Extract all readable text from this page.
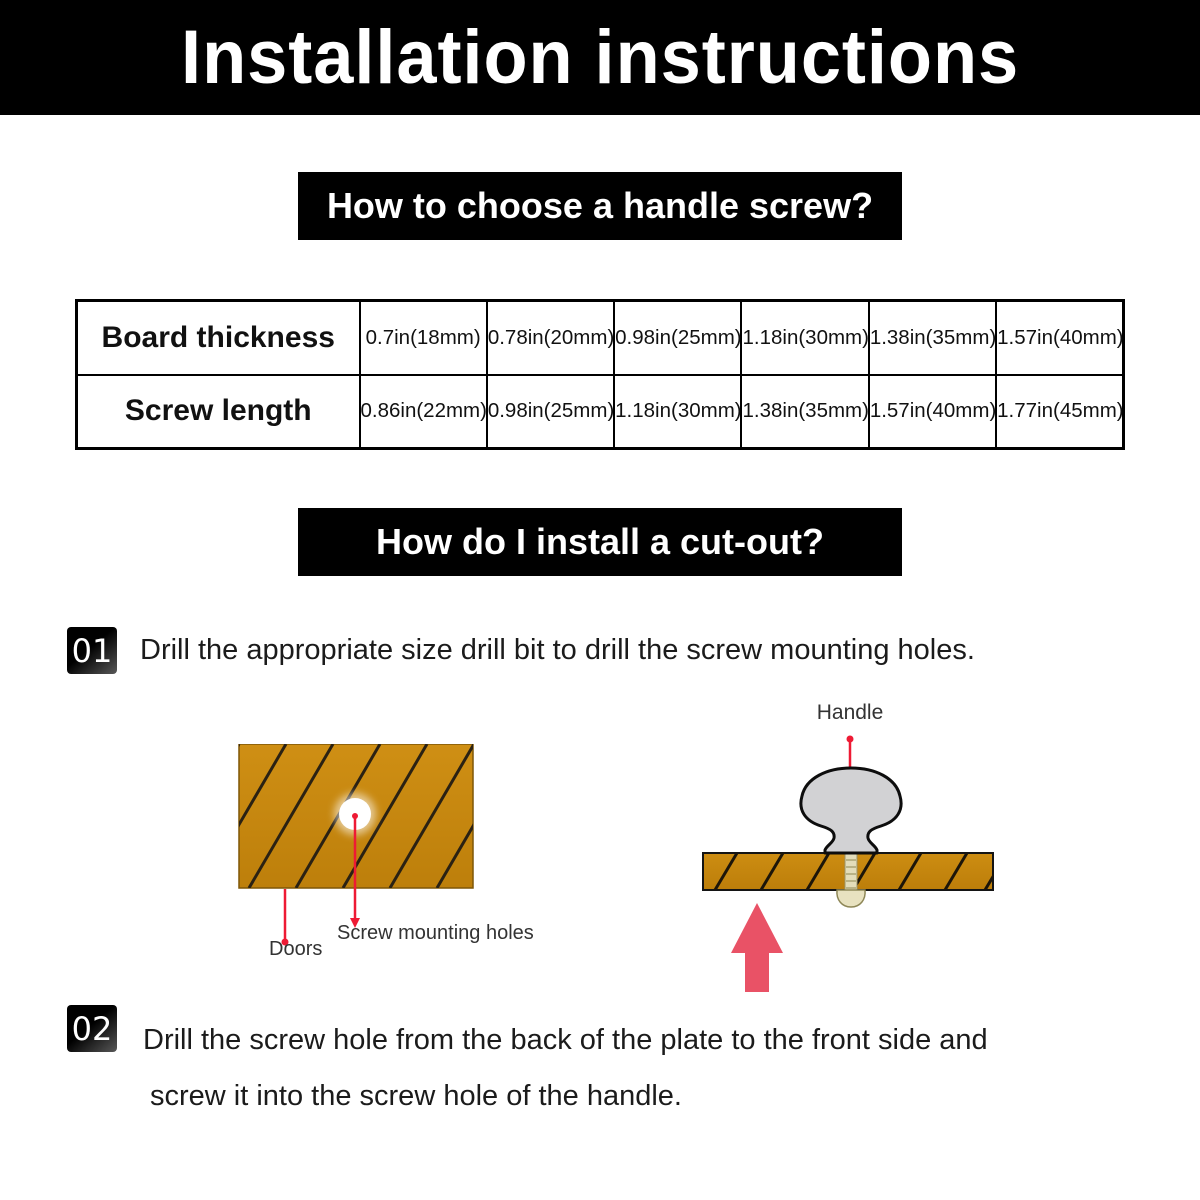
Installation instructions
How to choose a handle screw?
Board thickness	0.7in(18mm)	0.78in(20mm)	0.98in(25mm)	1.18in(30mm)	1.38in(35mm)	1.57in(40mm)
Screw length	0.86in(22mm)	0.98in(25mm)	1.18in(30mm)	1.38in(35mm)	1.57in(40mm)	1.77in(45mm)
How do I install a cut-out?
01 Drill the appropriate size drill bit to drill the screw mounting holes.
Doors
Screw mounting holes
Handle
02 Drill the screw hole from the back of the plate to the front side and
screw it into the screw hole of the handle.
